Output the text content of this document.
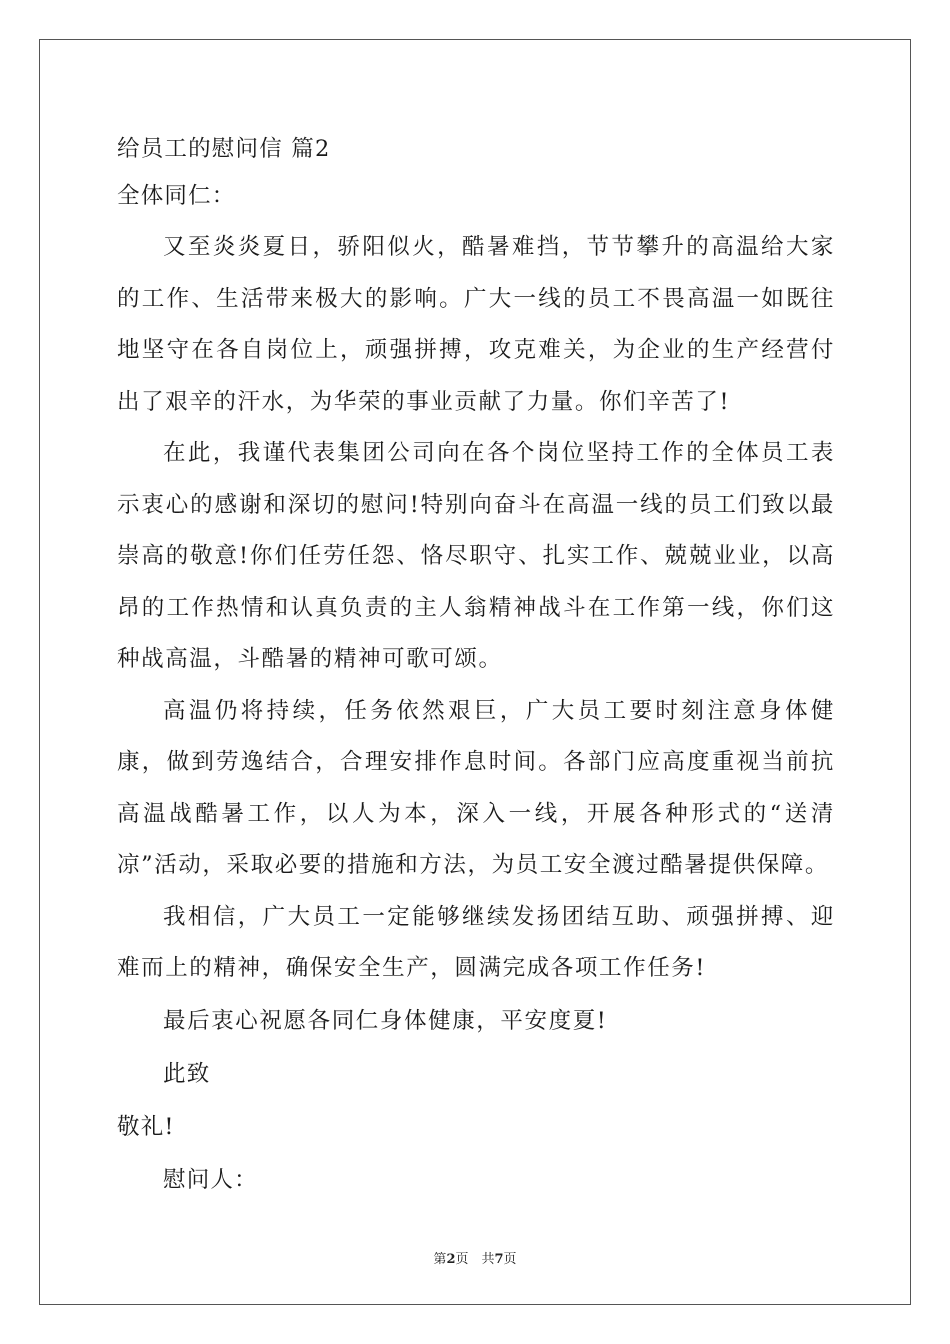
给员工的慰问信 篇2

全体同仁：

又至炎炎夏日，骄阳似火，酷暑难挡，节节攀升的高温给大家的工作、生活带来极大的影响。广大一线的员工不畏高温一如既往地坚守在各自岗位上，顽强拼搏，攻克难关，为企业的生产经营付出了艰辛的汗水，为华荣的事业贡献了力量。你们辛苦了!

在此，我谨代表集团公司向在各个岗位坚持工作的全体员工表示衷心的感谢和深切的慰问!特别向奋斗在高温一线的员工们致以最崇高的敬意!你们任劳任怨、恪尽职守、扎实工作、兢兢业业，以高昂的工作热情和认真负责的主人翁精神战斗在工作第一线，你们这种战高温，斗酷暑的精神可歌可颂。

高温仍将持续，任务依然艰巨，广大员工要时刻注意身体健康，做到劳逸结合，合理安排作息时间。各部门应高度重视当前抗高温战酷暑工作，以人为本，深入一线，开展各种形式的“送清凉”活动，采取必要的措施和方法，为员工安全渡过酷暑提供保障。

我相信，广大员工一定能够继续发扬团结互助、顽强拼搏、迎难而上的精神，确保安全生产，圆满完成各项工作任务!

最后衷心祝愿各同仁身体健康，平安度夏!

此致

敬礼!

慰问人：

第2页　共7页
